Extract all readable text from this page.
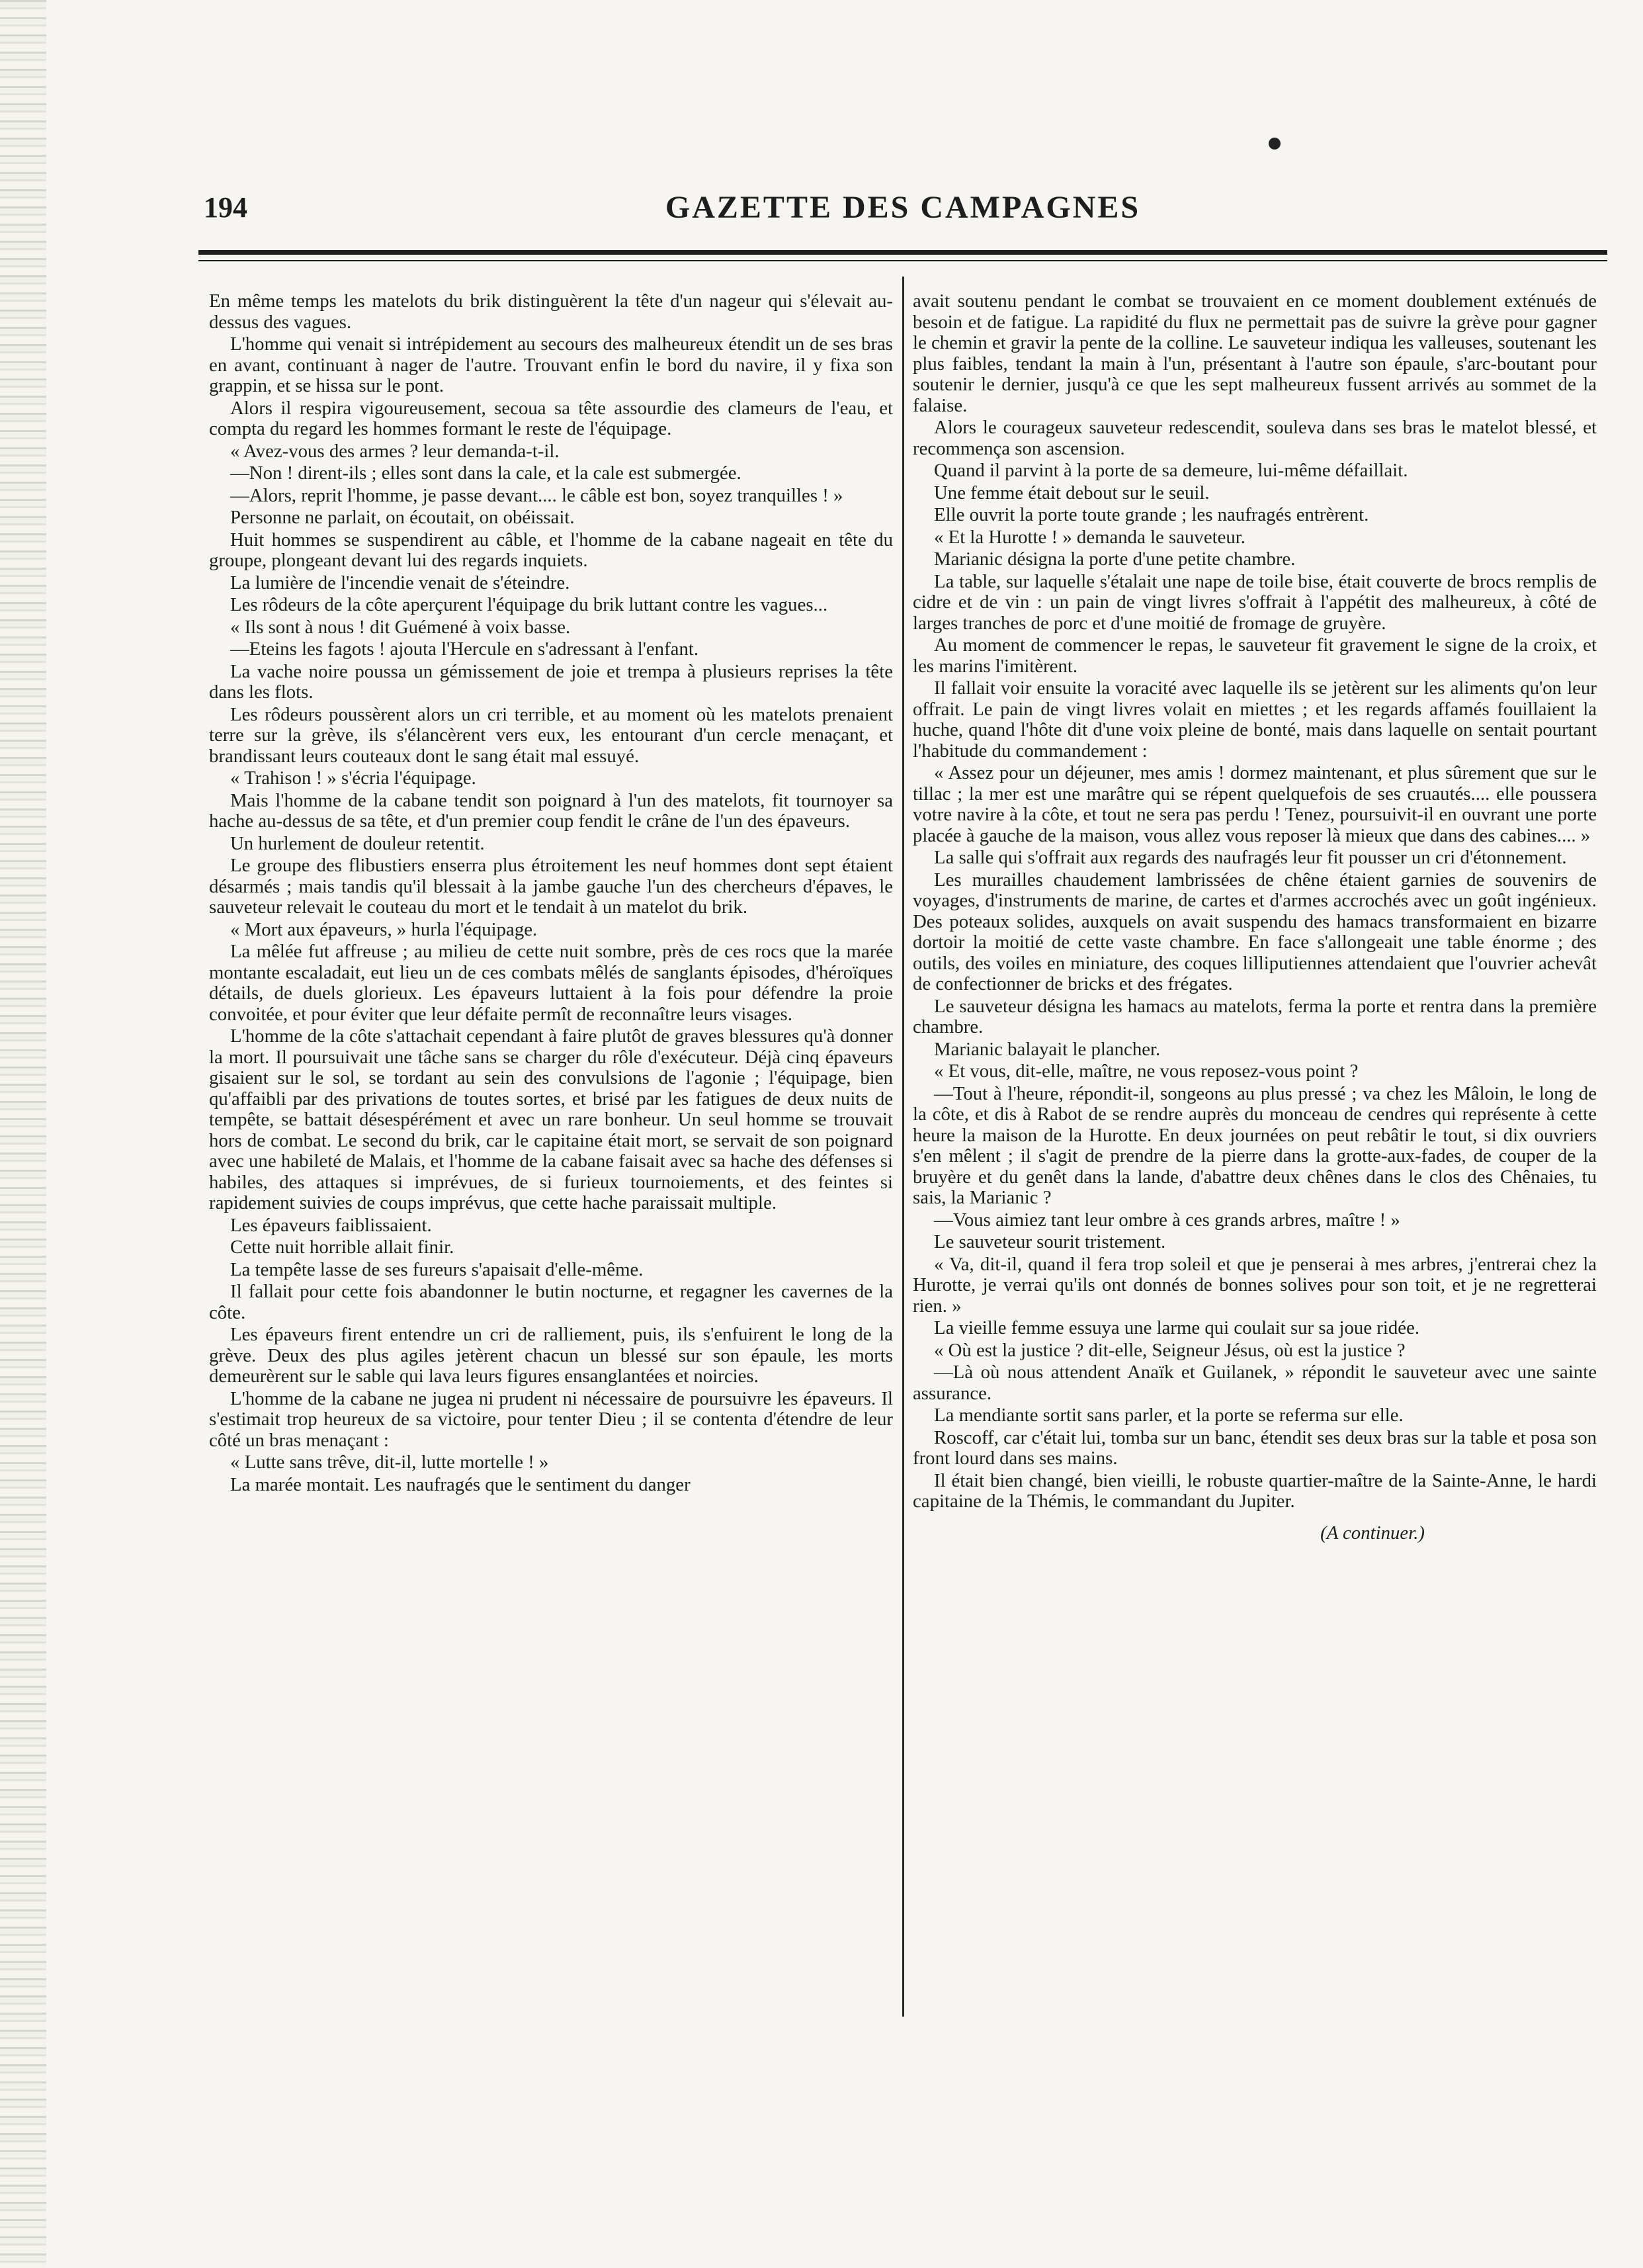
194	GAZETTE DES CAMPAGNES

En même temps les matelots du brik distinguèrent la tête d'un nageur qui s'élevait au-dessus des vagues.

L'homme qui venait si intrépidement au secours des malheureux étendit un de ses bras en avant, continuant à nager de l'autre. Trouvant enfin le bord du navire, il y fixa son grappin, et se hissa sur le pont.

Alors il respira vigoureusement, secoua sa tête assourdie des clameurs de l'eau, et compta du regard les hommes formant le reste de l'équipage.

« Avez-vous des armes ? leur demanda-t-il.

—Non ! dirent-ils ; elles sont dans la cale, et la cale est submergée.

—Alors, reprit l'homme, je passe devant.... le câble est bon, soyez tranquilles ! »

Personne ne parlait, on écoutait, on obéissait.

Huit hommes se suspendirent au câble, et l'homme de la cabane nageait en tête du groupe, plongeant devant lui des regards inquiets.

La lumière de l'incendie venait de s'éteindre.

Les rôdeurs de la côte aperçurent l'équipage du brik luttant contre les vagues...

« Ils sont à nous ! dit Guémené à voix basse.

—Eteins les fagots ! ajouta l'Hercule en s'adressant à l'enfant.

La vache noire poussa un gémissement de joie et trempa à plusieurs reprises la tête dans les flots.

Les rôdeurs poussèrent alors un cri terrible, et au moment où les matelots prenaient terre sur la grève, ils s'élancèrent vers eux, les entourant d'un cercle menaçant, et brandissant leurs couteaux dont le sang était mal essuyé.

« Trahison ! » s'écria l'équipage.

Mais l'homme de la cabane tendit son poignard à l'un des matelots, fit tournoyer sa hache au-dessus de sa tête, et d'un premier coup fendit le crâne de l'un des épaveurs.

Un hurlement de douleur retentit.

Le groupe des flibustiers enserra plus étroitement les neuf hommes dont sept étaient désarmés ; mais tandis qu'il blessait à la jambe gauche l'un des chercheurs d'épaves, le sauveteur relevait le couteau du mort et le tendait à un matelot du brik.

« Mort aux épaveurs, » hurla l'équipage.

La mêlée fut affreuse ; au milieu de cette nuit sombre, près de ces rocs que la marée montante escaladait, eut lieu un de ces combats mêlés de sanglants épisodes, d'héroïques détails, de duels glorieux. Les épaveurs luttaient à la fois pour défendre la proie convoitée, et pour éviter que leur défaite permît de reconnaître leurs visages.

L'homme de la côte s'attachait cependant à faire plutôt de graves blessures qu'à donner la mort. Il poursuivait une tâche sans se charger du rôle d'exécuteur. Déjà cinq épaveurs gisaient sur le sol, se tordant au sein des convulsions de l'agonie ; l'équipage, bien qu'affaibli par des privations de toutes sortes, et brisé par les fatigues de deux nuits de tempête, se battait désespérément et avec un rare bonheur. Un seul homme se trouvait hors de combat. Le second du brik, car le capitaine était mort, se servait de son poignard avec une habileté de Malais, et l'homme de la cabane faisait avec sa hache des défenses si habiles, des attaques si imprévues, de si furieux tournoiements, et des feintes si rapidement suivies de coups imprévus, que cette hache paraissait multiple.

Les épaveurs faiblissaient.

Cette nuit horrible allait finir.

La tempête lasse de ses fureurs s'apaisait d'elle-même.

Il fallait pour cette fois abandonner le butin nocturne, et regagner les cavernes de la côte.

Les épaveurs firent entendre un cri de ralliement, puis, ils s'enfuirent le long de la grève. Deux des plus agiles jetèrent chacun un blessé sur son épaule, les morts demeurèrent sur le sable qui lava leurs figures ensanglantées et noircies.

L'homme de la cabane ne jugea ni prudent ni nécessaire de poursuivre les épaveurs. Il s'estimait trop heureux de sa victoire, pour tenter Dieu ; il se contenta d'étendre de leur côté un bras menaçant :

« Lutte sans trêve, dit-il, lutte mortelle ! »

La marée montait. Les naufragés que le sentiment du danger

avait soutenu pendant le combat se trouvaient en ce moment doublement exténués de besoin et de fatigue. La rapidité du flux ne permettait pas de suivre la grève pour gagner le chemin et gravir la pente de la colline. Le sauveteur indiqua les valleuses, soutenant les plus faibles, tendant la main à l'un, présentant à l'autre son épaule, s'arc-boutant pour soutenir le dernier, jusqu'à ce que les sept malheureux fussent arrivés au sommet de la falaise.

Alors le courageux sauveteur redescendit, souleva dans ses bras le matelot blessé, et recommença son ascension.

Quand il parvint à la porte de sa demeure, lui-même défaillait.

Une femme était debout sur le seuil.

Elle ouvrit la porte toute grande ; les naufragés entrèrent.

« Et la Hurotte ! » demanda le sauveteur.

Marianic désigna la porte d'une petite chambre.

La table, sur laquelle s'étalait une nape de toile bise, était couverte de brocs remplis de cidre et de vin : un pain de vingt livres s'offrait à l'appétit des malheureux, à côté de larges tranches de porc et d'une moitié de fromage de gruyère.

Au moment de commencer le repas, le sauveteur fit gravement le signe de la croix, et les marins l'imitèrent.

Il fallait voir ensuite la voracité avec laquelle ils se jetèrent sur les aliments qu'on leur offrait. Le pain de vingt livres volait en miettes ; et les regards affamés fouillaient la huche, quand l'hôte dit d'une voix pleine de bonté, mais dans laquelle on sentait pourtant l'habitude du commandement :

« Assez pour un déjeuner, mes amis ! dormez maintenant, et plus sûrement que sur le tillac ; la mer est une marâtre qui se répent quelquefois de ses cruautés.... elle poussera votre navire à la côte, et tout ne sera pas perdu ! Tenez, poursuivit-il en ouvrant une porte placée à gauche de la maison, vous allez vous reposer là mieux que dans des cabines.... »

La salle qui s'offrait aux regards des naufragés leur fit pousser un cri d'étonnement.

Les murailles chaudement lambrissées de chêne étaient garnies de souvenirs de voyages, d'instruments de marine, de cartes et d'armes accrochés avec un goût ingénieux. Des poteaux solides, auxquels on avait suspendu des hamacs transformaient en bizarre dortoir la moitié de cette vaste chambre. En face s'allongeait une table énorme ; des outils, des voiles en miniature, des coques lilliputiennes attendaient que l'ouvrier achevât de confectionner de bricks et des frégates.

Le sauveteur désigna les hamacs au matelots, ferma la porte et rentra dans la première chambre.

Marianic balayait le plancher.

« Et vous, dit-elle, maître, ne vous reposez-vous point ?

—Tout à l'heure, répondit-il, songeons au plus pressé ; va chez les Mâloin, le long de la côte, et dis à Rabot de se rendre auprès du monceau de cendres qui représente à cette heure la maison de la Hurotte. En deux journées on peut rebâtir le tout, si dix ouvriers s'en mêlent ; il s'agit de prendre de la pierre dans la grotte-aux-fades, de couper de la bruyère et du genêt dans la lande, d'abattre deux chênes dans le clos des Chênaies, tu sais, la Marianic ?

—Vous aimiez tant leur ombre à ces grands arbres, maître ! »

Le sauveteur sourit tristement.

« Va, dit-il, quand il fera trop soleil et que je penserai à mes arbres, j'entrerai chez la Hurotte, je verrai qu'ils ont donnés de bonnes solives pour son toit, et je ne regretterai rien. »

La vieille femme essuya une larme qui coulait sur sa joue ridée.

« Où est la justice ? dit-elle, Seigneur Jésus, où est la justice ?

—Là où nous attendent Anaïk et Guilanek, » répondit le sauveteur avec une sainte assurance.

La mendiante sortit sans parler, et la porte se referma sur elle.

Roscoff, car c'était lui, tomba sur un banc, étendit ses deux bras sur la table et posa son front lourd dans ses mains.

Il était bien changé, bien vieilli, le robuste quartier-maître de la Sainte-Anne, le hardi capitaine de la Thémis, le commandant du Jupiter.

(A continuer.)
